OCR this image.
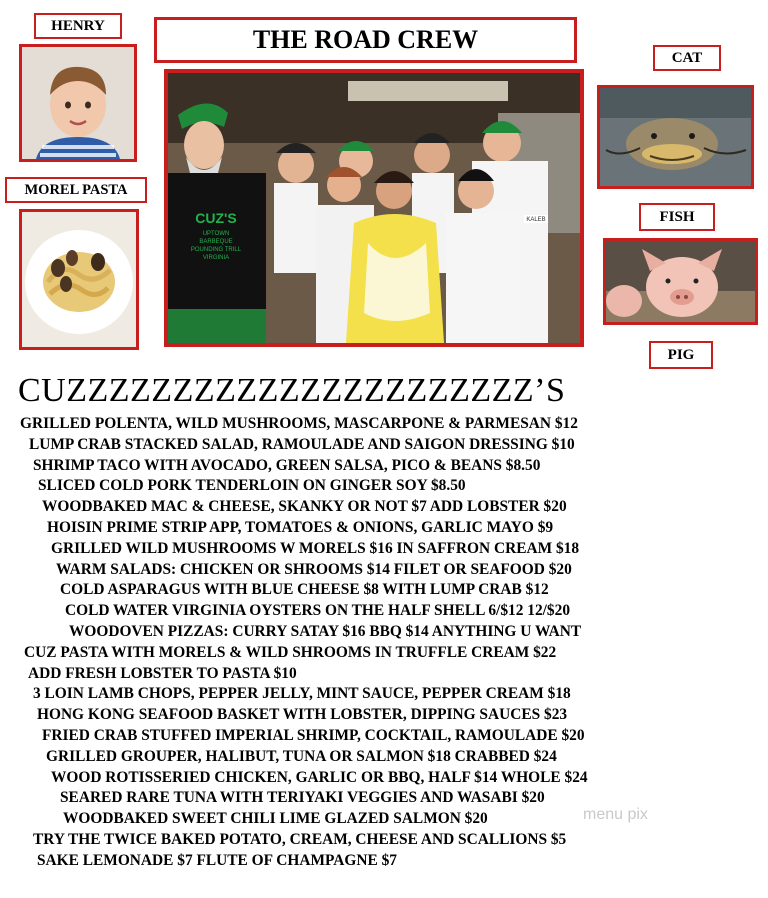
HENRY
MOREL PASTA
CAT
FISH
PIG
THE ROAD CREW
CUZ'S
UPTOWN
BARBEQUE
POUNDING TRILL
VIRGINIA
KALEB
CUZZZZZZZZZZZZZZZZZZZZZZ’S
GRILLED POLENTA, WILD MUSHROOMS, MASCARPONE & PARMESAN $12
LUMP CRAB STACKED SALAD, RAMOULADE AND SAIGON DRESSING $10
SHRIMP TACO WITH AVOCADO, GREEN SALSA, PICO & BEANS $8.50
SLICED COLD PORK TENDERLOIN ON GINGER SOY $8.50
WOODBAKED MAC & CHEESE, SKANKY OR NOT $7 ADD LOBSTER $20
HOISIN PRIME STRIP APP, TOMATOES & ONIONS, GARLIC MAYO $9
GRILLED WILD MUSHROOMS W MORELS $16 IN SAFFRON CREAM $18
WARM SALADS: CHICKEN OR SHROOMS $14 FILET OR SEAFOOD $20
COLD ASPARAGUS WITH BLUE CHEESE $8 WITH LUMP CRAB $12
COLD WATER VIRGINIA OYSTERS ON THE HALF SHELL 6/$12 12/$20
WOODOVEN PIZZAS: CURRY SATAY $16 BBQ $14 ANYTHING U WANT
CUZ PASTA WITH MORELS & WILD SHROOMS IN TRUFFLE CREAM $22
ADD FRESH LOBSTER TO PASTA $10
3 LOIN LAMB CHOPS, PEPPER JELLY, MINT SAUCE, PEPPER CREAM $18
HONG KONG SEAFOOD BASKET WITH LOBSTER, DIPPING SAUCES $23
FRIED CRAB STUFFED IMPERIAL SHRIMP, COCKTAIL, RAMOULADE $20
GRILLED GROUPER, HALIBUT, TUNA OR SALMON $18 CRABBED $24
WOOD ROTISSERIED CHICKEN, GARLIC OR BBQ, HALF $14 WHOLE $24
SEARED RARE TUNA WITH TERIYAKI VEGGIES AND WASABI $20
WOODBAKED SWEET CHILI LIME GLAZED SALMON $20
TRY THE TWICE BAKED POTATO, CREAM, CHEESE AND SCALLIONS $5
SAKE LEMONADE $7 FLUTE OF CHAMPAGNE $7
menu pix
